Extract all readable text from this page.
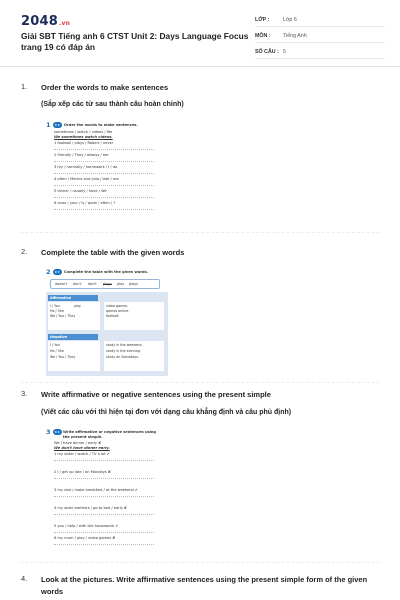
2048.vn
Giải SBT Tiếng anh 6 CTST Unit 2: Days Language Focus trang 19 có đáp án
LỚP :	Lớp 6
MÔN : Tiếng Anh
SỐ CÂU : 5
1. Order the words to make sentences
(Sắp xếp các từ sau thành câu hoàn chỉnh)
1 ★★ Order the words to make sentences.
sometimes / watch / videos / We
We sometimes watch videos.
1 football / plays / Robert / never
2 friendly / They / always / are
3 my / normally / homework / I / do
4 often / Marina and Julia / late / are
5 dinner / usually / have / We
6 class / your / is / quiet / often / ?
2. Complete the table with the given words
2 ★★ Complete the table with the given words.
doesn't don't don't plays play plays
Affirmative
I / You	play
He / She
We / You / They
video games.
games online.
football.
Negative
I / You
He / She
We / You / They
study in the weekend.
study in the evening.
study on Saturdays.
3. Write affirmative or negative sentences using the present simple
(Viết các câu với thì hiện tại đơn với dạng câu khẳng định và câu phủ định)
3 ★★ Write affirmative or negative sentences using the present simple.
We / have dinner / early ✘
We don't have dinner early.
1 my sister / watch / TV a lot ✔
2 I / get up late / on Mondays ✘
3 my dad / make breakfast / at the weekend ✔
4 my older brothers / go to bed / early ✘
5 you / help / with the housework ✔
6 my mum / play / video games ✘
4. Look at the pictures. Write affirmative sentences using the present simple form of the given words
